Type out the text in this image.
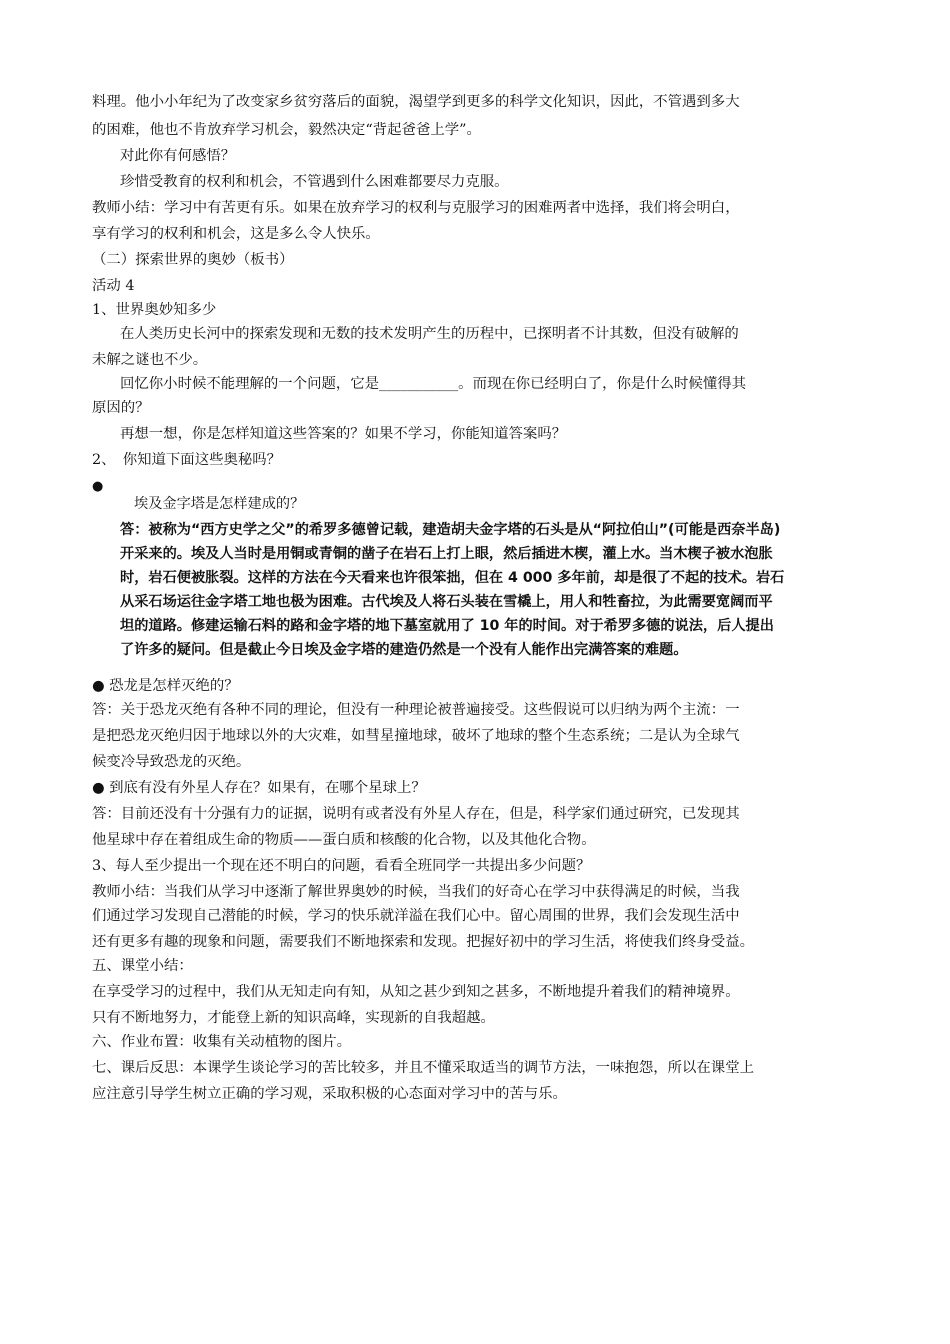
料理。他小小年纪为了改变家乡贫穷落后的面貌，渴望学到更多的科学文化知识，因此，不管遇到多大
的困难，他也不肯放弃学习机会，毅然决定“背起爸爸上学”。
对此你有何感悟？
珍惜受教育的权利和机会，不管遇到什么困难都要尽力克服。
教师小结：学习中有苦更有乐。如果在放弃学习的权利与克服学习的困难两者中选择，我们将会明白，
享有学习的权利和机会，这是多么令人快乐。
（二）探索世界的奥妙（板书）
活动 4
1、世界奥妙知多少
在人类历史长河中的探索发现和无数的技术发明产生的历程中，已探明者不计其数，但没有破解的
未解之谜也不少。
回忆你小时候不能理解的一个问题，它是___________。而现在你已经明白了，你是什么时候懂得其
原因的？
再想一想，你是怎样知道这些答案的？如果不学习，你能知道答案吗？
2、　你知道下面这些奥秘吗？
●
埃及金字塔是怎样建成的？
答：被称为“西方史学之父”的希罗多德曾记载，建造胡夫金字塔的石头是从“阿拉伯山”(可能是西奈半岛)
开采来的。埃及人当时是用铜或青铜的凿子在岩石上打上眼，然后插进木楔，灌上水。当木楔子被水泡胀
时，岩石便被胀裂。这样的方法在今天看来也许很笨拙，但在 4 000 多年前，却是很了不起的技术。岩石
从采石场运往金字塔工地也极为困难。古代埃及人将石头装在雪橇上，用人和牲畜拉，为此需要宽阔而平
坦的道路。修建运输石料的路和金字塔的地下墓室就用了 10 年的时间。对于希罗多德的说法，后人提出
了许多的疑问。但是截止今日埃及金字塔的建造仍然是一个没有人能作出完满答案的难题。
● 恐龙是怎样灭绝的？
答：关于恐龙灭绝有各种不同的理论，但没有一种理论被普遍接受。这些假说可以归纳为两个主流：一
是把恐龙灭绝归因于地球以外的大灾难，如彗星撞地球，破坏了地球的整个生态系统；二是认为全球气
候变冷导致恐龙的灭绝。
● 到底有没有外星人存在？如果有，在哪个星球上？
答：目前还没有十分强有力的证据，说明有或者没有外星人存在，但是，科学家们通过研究，已发现其
他星球中存在着组成生命的物质——蛋白质和核酸的化合物，以及其他化合物。
3、每人至少提出一个现在还不明白的问题，看看全班同学一共提出多少问题？
教师小结：当我们从学习中逐渐了解世界奥妙的时候，当我们的好奇心在学习中获得满足的时候，当我
们通过学习发现自己潜能的时候，学习的快乐就洋溢在我们心中。留心周围的世界，我们会发现生活中
还有更多有趣的现象和问题，需要我们不断地探索和发现。把握好初中的学习生活，将使我们终身受益。
五、课堂小结：
在享受学习的过程中，我们从无知走向有知，从知之甚少到知之甚多，不断地提升着我们的精神境界。
只有不断地努力，才能登上新的知识高峰，实现新的自我超越。
六、作业布置：收集有关动植物的图片。
七、课后反思：本课学生谈论学习的苦比较多，并且不懂采取适当的调节方法，一味抱怨，所以在课堂上
应注意引导学生树立正确的学习观，采取积极的心态面对学习中的苦与乐。
